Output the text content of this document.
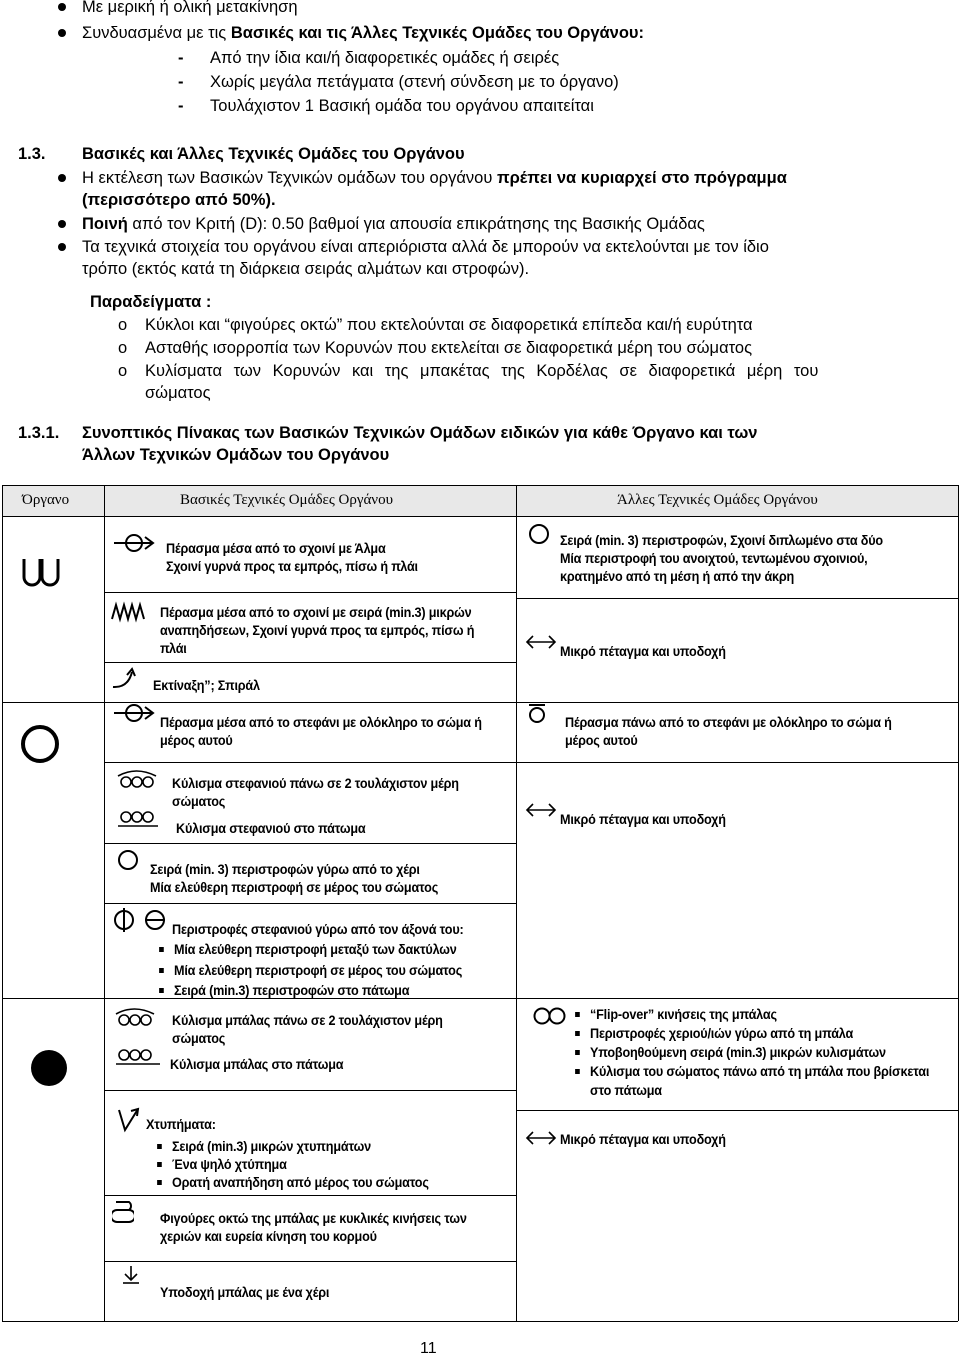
Με μερική ή ολική μετακίνηση
Συνδυασμένα με τις Βασικές και τις Άλλες Τεχνικές Ομάδες του Οργάνου:
- Από την ίδια και/ή διαφορετικές ομάδες ή σειρές
- Χωρίς μεγάλα πετάγματα (στενή σύνδεση με το όργανο)
- Τουλάχιστον 1 Βασική ομάδα του οργάνου απαιτείται
1.3. Βασικές και Άλλες Τεχνικές Ομάδες του Οργάνου
Η εκτέλεση των Βασικών Τεχνικών ομάδων του οργάνου πρέπει να κυριαρχεί στο πρόγραμμα
(περισσότερο από 50%).
Ποινή από τον Κριτή (D): 0.50 βαθμοί για απουσία επικράτησης της Βασικής Ομάδας
Τα τεχνικά στοιχεία του οργάνου είναι απεριόριστα αλλά δε μπορούν να εκτελούνται με τον ίδιο
τρόπο (εκτός κατά τη διάρκεια σειράς αλμάτων και στροφών).
Παραδείγματα :
o Κύκλοι και “φιγούρες οκτώ” που εκτελούνται σε διαφορετικά επίπεδα και/ή ευρύτητα
o Ασταθής ισορροπία των Κορυνών που εκτελείται σε διαφορετικά μέρη του σώματος
o Κυλίσματα των Κορυνών και της μπακέτας της Κορδέλας σε διαφορετικά μέρη του
σώματος
1.3.1. Συνοπτικός Πίνακας των Βασικών Τεχνικών Ομάδων ειδικών για κάθε Όργανο και των
Άλλων Τεχνικών Ομάδων του Οργάνου
Όργανο	Βασικές Τεχνικές Ομάδες Οργάνου	Άλλες Τεχνικές Ομάδες Οργάνου
Πέρασμα μέσα από το σχοινί με Άλμα
Σχοινί γυρνά προς τα εμπρός, πίσω ή πλάι
Πέρασμα μέσα από το σχοινί με σειρά (min.3) μικρών
αναπηδήσεων, Σχοινί γυρνά προς τα εμπρός, πίσω ή
πλάι
Εκτίναξη”; Σπιράλ
Σειρά (min. 3) περιστροφών, Σχοινί διπλωμένο στα δύο
Μία περιστροφή του ανοιχτού, τεντωμένου σχοινιού,
κρατημένο από τη μέση ή από την άκρη
Μικρό πέταγμα και υποδοχή
Πέρασμα μέσα από το στεφάνι με ολόκληρο το σώμα ή
μέρος αυτού
Κύλισμα στεφανιού πάνω σε 2 τουλάχιστον μέρη
σώματος
Κύλισμα στεφανιού στο πάτωμα
Σειρά (min. 3) περιστροφών γύρω από το χέρι
Μία ελεύθερη περιστροφή σε μέρος του σώματος
Περιστροφές στεφανιού γύρω από τον άξονά του:
Μία ελεύθερη περιστροφή μεταξύ των δακτύλων
Μία ελεύθερη περιστροφή σε μέρος του σώματος
Σειρά (min.3) περιστροφών στο πάτωμα
Πέρασμα πάνω από το στεφάνι με ολόκληρο το σώμα ή
μέρος αυτού
Μικρό πέταγμα και υποδοχή
Κύλισμα μπάλας πάνω σε 2 τουλάχιστον μέρη
σώματος
Κύλισμα μπάλας στο πάτωμα
Χτυπήματα:
Σειρά (min.3) μικρών χτυπημάτων
Ένα ψηλό χτύπημα
Ορατή αναπήδηση από μέρος του σώματος
Φιγούρες οκτώ της μπάλας με κυκλικές κινήσεις των
χεριών και ευρεία κίνηση του κορμού
Υποδοχή μπάλας με ένα χέρι
“Flip-over” κινήσεις της μπάλας
Περιστροφές χεριού/ιών γύρω από τη μπάλα
Υποβοηθούμενη σειρά (min.3) μικρών κυλισμάτων
Κύλισμα του σώματος πάνω από τη μπάλα που βρίσκεται
στο πάτωμα
Μικρό πέταγμα και υποδοχή
11
